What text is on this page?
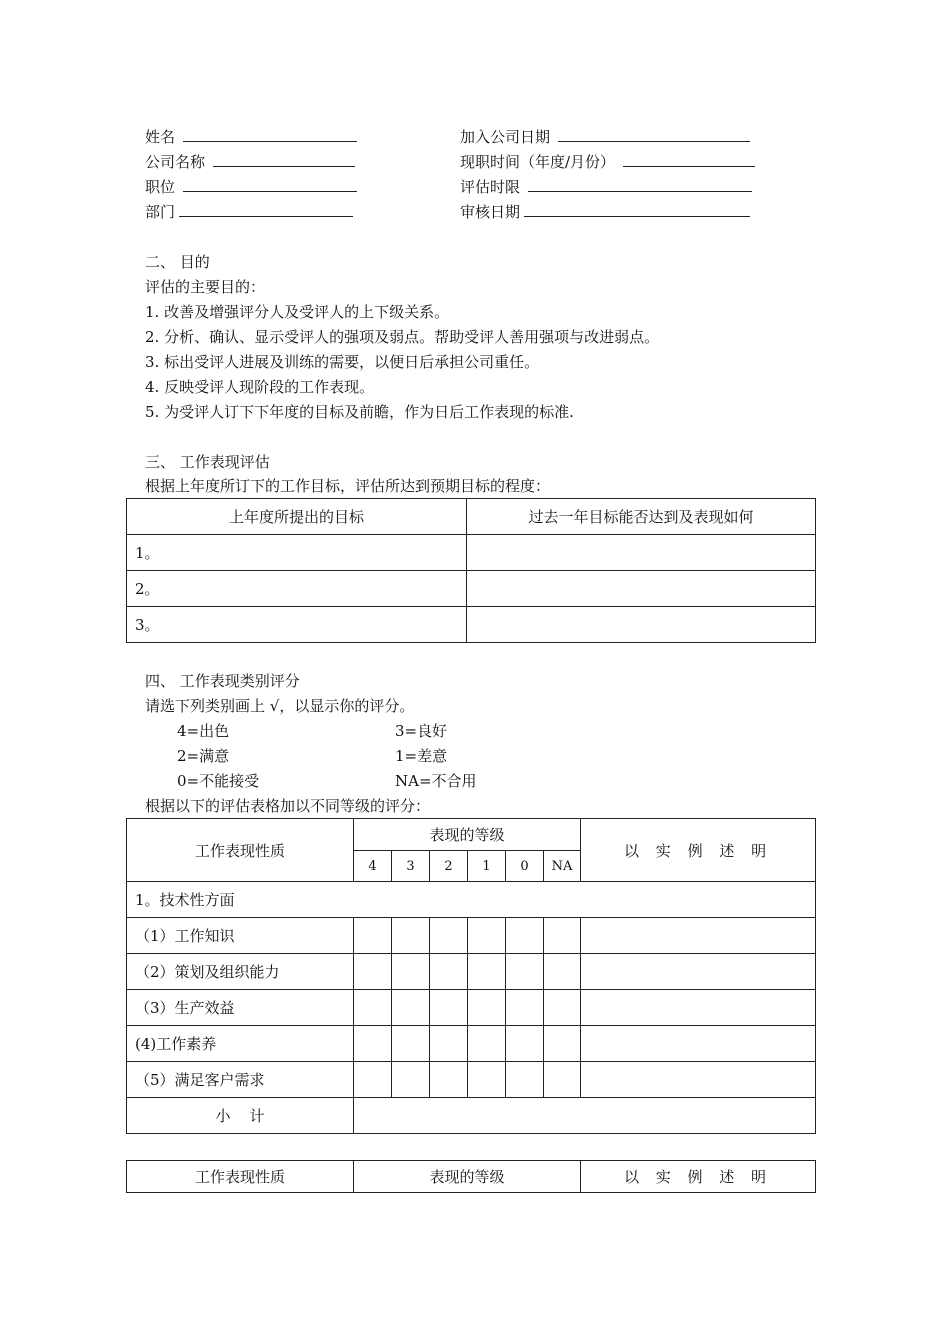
姓名	加入公司日期
公司名称	现职时间（年度/月份）
职位	评估时限
部门	审核日期
二、 目的
评估的主要目的：
1. 改善及增强评分人及受评人的上下级关系。
2. 分析、确认、显示受评人的强项及弱点。帮助受评人善用强项与改进弱点。
3. 标出受评人进展及训练的需要，以便日后承担公司重任。
4. 反映受评人现阶段的工作表现。
5. 为受评人订下下年度的目标及前瞻，作为日后工作表现的标准.
三、 工作表现评估
根据上年度所订下的工作目标，评估所达到预期目标的程度：
上年度所提出的目标	过去一年目标能否达到及表现如何
1。	
2。	
3。	
四、 工作表现类别评分
请选下列类别画上 √，以显示你的评分。
4=出色	3=良好
2=满意	1=差意
0=不能接受	NA=不合用
根据以下的评估表格加以不同等级的评分：
工作表现性质	表现的等级						以 实 例 述 明
	4	3	2	1	0	NA	
1。技术性方面							
（1）工作知识							
（2）策划及组织能力							
（3）生产效益							
(4)工作素养							
（5）满足客户需求							
小    计							
工作表现性质	表现的等级	以 实 例 述 明
